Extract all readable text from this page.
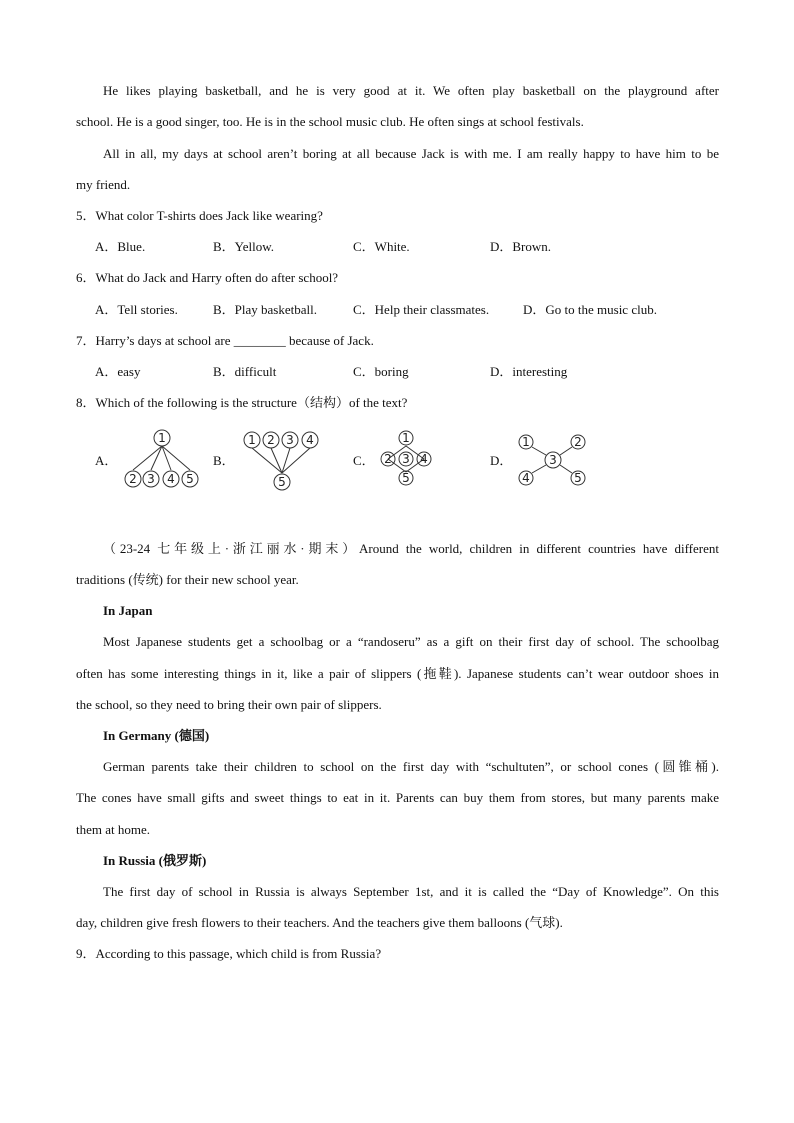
He likes playing basketball, and he is very good at it. We often play basketball on the playground after
school. He is a good singer, too. He is in the school music club. He often sings at school festivals.
All in all, my days at school aren’t boring at all because Jack is with me. I am really happy to have him to be
my friend.
5．What color T-shirts does Jack like wearing?
A．Blue.	B．Yellow.	C．White.	D．Brown.
6．What do Jack and Harry often do after school?
A．Tell stories.	B．Play basketball.	C．Help their classmates.	D．Go to the music club.
7．Harry’s days at school are ________ because of Jack.
A．easy	B．difficult	C．boring	D．interesting
8．Which of the following is the structure（结构）of the text?
A．
1
2 3 4 5
B．
1 2 3 4
5
C．
1
2 3 4
5
D．
1	2
3
4	5
（23-24 七年级上·浙江丽水·期末）Around the world, children in different countries have different
traditions (传统) for their new school year.
In Japan
Most Japanese students get a schoolbag or a “randoseru” as a gift on their first day of school. The schoolbag
often has some interesting things in it, like a pair of slippers (拖鞋). Japanese students can’t wear outdoor shoes in
the school, so they need to bring their own pair of slippers.
In Germany (德国)
German parents take their children to school on the first day with “schultuten”, or school cones (圆锥桶).
The cones have small gifts and sweet things to eat in it. Parents can buy them from stores, but many parents make
them at home.
In Russia (俄罗斯)
The first day of school in Russia is always September 1st, and it is called the “Day of Knowledge”. On this
day, children give fresh flowers to their teachers. And the teachers give them balloons (气球).
9．According to this passage, which child is from Russia?
